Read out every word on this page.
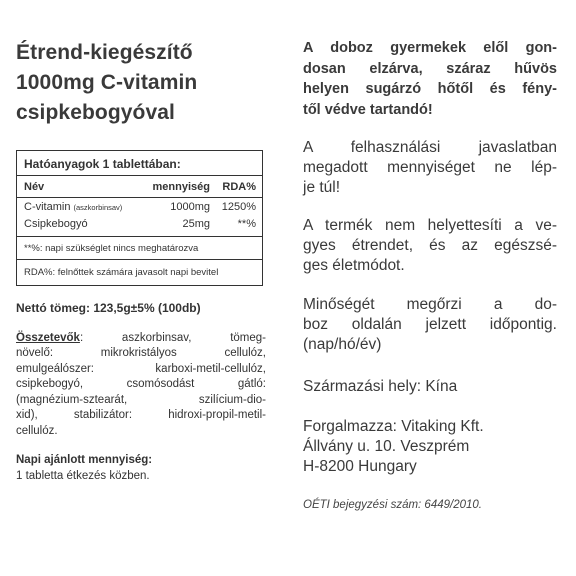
Étrend-kiegészítő
1000mg C-vitamin
csipkebogyóval
Hatóanyagok 1 tablettában:
Név	mennyiség	RDA%
C-vitamin (aszkorbinsav)	1000mg	1250%
Csipkebogyó	25mg	**%
**%: napi szükséglet nincs meghatározva
RDA%: felnőttek számára javasolt napi bevitel

Nettó tömeg: 123,5g±5% (100db)

Összetevők: aszkorbinsav, tömeg-
növelő: mikrokristályos cellulóz,
emulgeálószer: karboxi-metil-cellulóz,
csipkebogyó, csomósodást gátló:
(magnézium-sztearát, szilícium-dio-
xid), stabilizátor: hidroxi-propil-metil-
cellulóz.

Napi ajánlott mennyiség:
1 tabletta étkezés közben.

A doboz gyermekek elől gon-
dosan elzárva, száraz hűvös
helyen sugárzó hőtől és fény-
től védve tartandó!

A felhasználási javaslatban
megadott mennyiséget ne lép-
je túl!

A termék nem helyettesíti a ve-
gyes étrendet, és az egészsé-
ges életmódot.

Minőségét megőrzi a do-
boz oldalán jelzett időpontig.
(nap/hó/év)

Származási hely: Kína

Forgalmazza: Vitaking Kft.
Állvány u. 10. Veszprém
H-8200 Hungary

OÉTI bejegyzési szám: 6449/2010.
